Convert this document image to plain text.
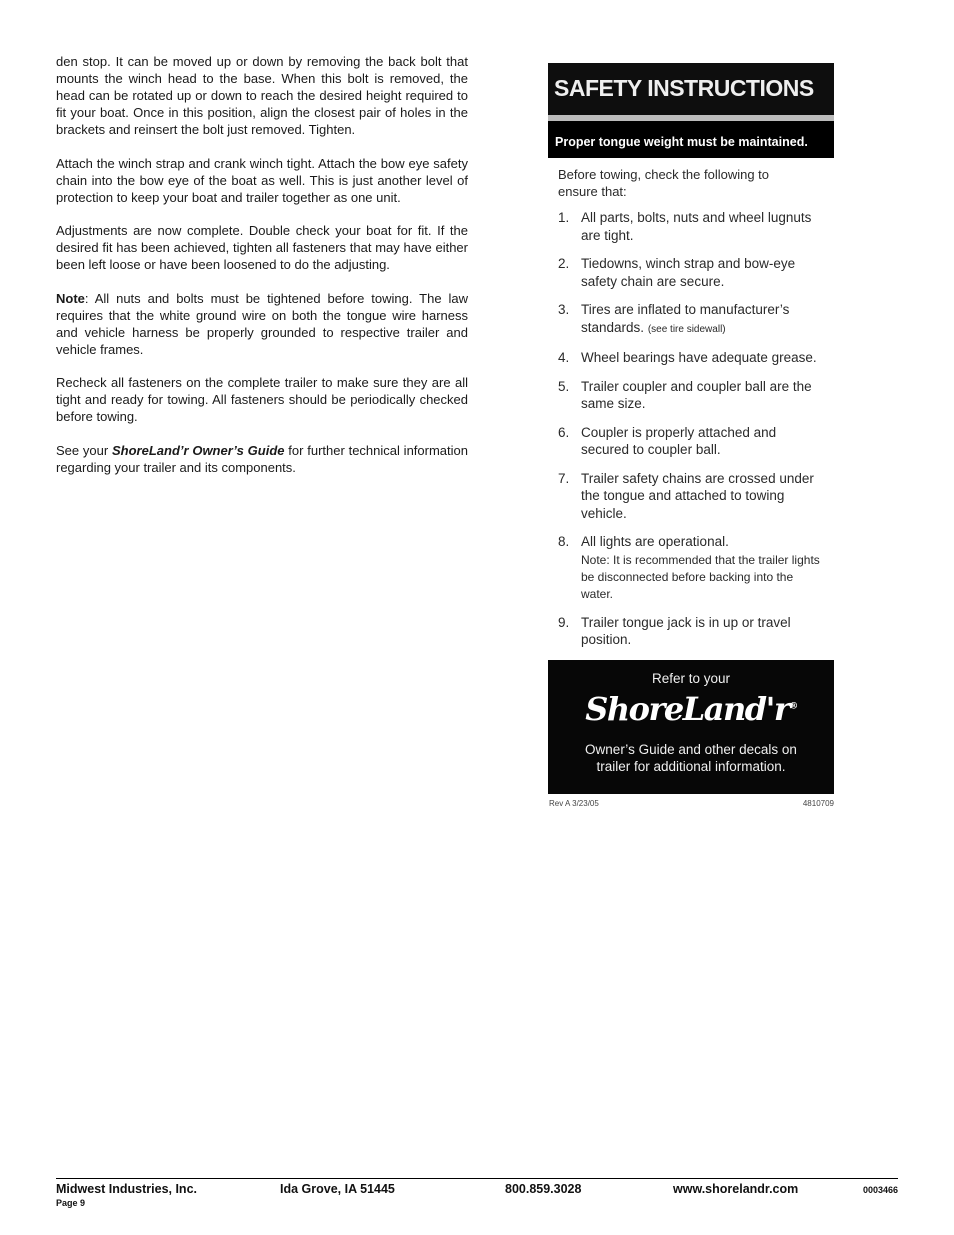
den stop. It can be moved up or down by removing the back bolt that mounts the winch head to the base. When this bolt is removed, the head can be rotated up or down to reach the desired height required to fit your boat. Once in this position, align the closest pair of holes in the brackets and reinsert the bolt just removed. Tighten.

Attach the winch strap and crank winch tight. Attach the bow eye safety chain into the bow eye of the boat as well. This is just another level of protection to keep your boat and trailer together as one unit.

Adjustments are now complete. Double check your boat for fit. If the desired fit has been achieved, tighten all fasteners that may have either been left loose or have been loosened to do the adjusting.

Note: All nuts and bolts must be tightened before towing. The law requires that the white ground wire on both the tongue wire harness and vehicle harness be properly grounded to respective trailer and vehicle frames.

Recheck all fasteners on the complete trailer to make sure they are all tight and ready for towing. All fasteners should be periodically checked before towing.

See your ShoreLand’r Owner’s Guide for further technical information regarding your trailer and its components.

SAFETY INSTRUCTIONS
Proper tongue weight must be maintained.

Before towing, check the following to ensure that:

1. All parts, bolts, nuts and wheel lugnuts are tight.
2. Tiedowns, winch strap and bow-eye safety chain are secure.
3. Tires are inflated to manufacturer’s standards. (see tire sidewall)
4. Wheel bearings have adequate grease.
5. Trailer coupler and coupler ball are the same size.
6. Coupler is properly attached and secured to coupler ball.
7. Trailer safety chains are crossed under the tongue and attached to towing vehicle.
8. All lights are operational.
Note: It is recommended that the trailer lights be disconnected before backing into the water.
9. Trailer tongue jack is in up or travel position.
Refer to your
ShoreLand'r®
Owner’s Guide and other decals on trailer for additional information.
Rev A 3/23/05	4810709
Midwest Industries, Inc.	Ida Grove, IA 51445	800.859.3028	www.shorelandr.com	0003466
Page 9
